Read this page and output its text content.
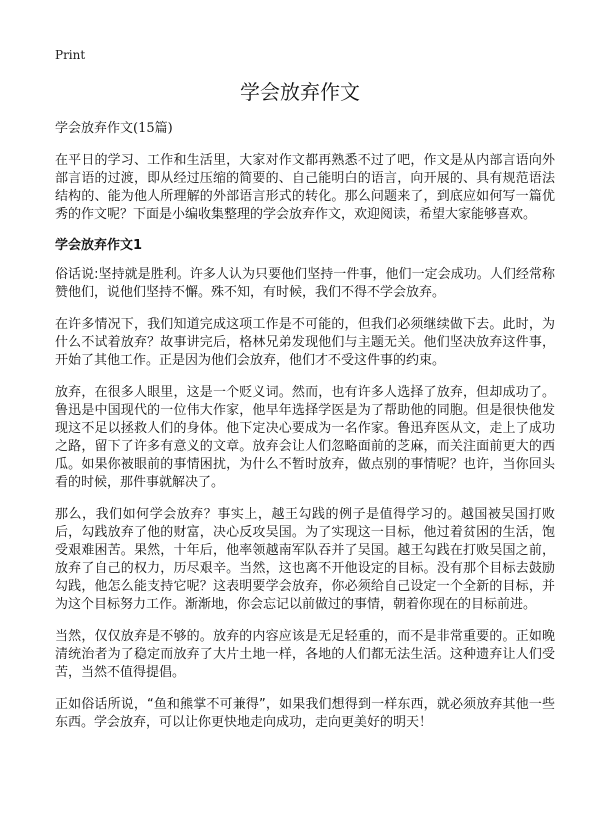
Print
学会放弃作文

学会放弃作文(15篇)

在平日的学习、工作和生活里，大家对作文都再熟悉不过了吧，作文是从内部言语向外部言语的过渡，即从经过压缩的简要的、自己能明白的语言，向开展的、具有规范语法结构的、能为他人所理解的外部语言形式的转化。那么问题来了，到底应如何写一篇优秀的作文呢？下面是小编收集整理的学会放弃作文，欢迎阅读，希望大家能够喜欢。

学会放弃作文1

俗话说:坚持就是胜利。许多人认为只要他们坚持一件事，他们一定会成功。人们经常称赞他们，说他们坚持不懈。殊不知，有时候，我们不得不学会放弃。

在许多情况下，我们知道完成这项工作是不可能的，但我们必须继续做下去。此时，为什么不试着放弃？故事讲完后，格林兄弟发现他们与主题无关。他们坚决放弃这件事，开始了其他工作。正是因为他们会放弃，他们才不受这件事的约束。

放弃，在很多人眼里，这是一个贬义词。然而，也有许多人选择了放弃，但却成功了。鲁迅是中国现代的一位伟大作家，他早年选择学医是为了帮助他的同胞。但是很快他发现这不足以拯救人们的身体。他下定决心要成为一名作家。鲁迅弃医从文，走上了成功之路，留下了许多有意义的文章。放弃会让人们忽略面前的芝麻，而关注面前更大的西瓜。如果你被眼前的事情困扰，为什么不暂时放弃，做点别的事情呢？也许，当你回头看的时候，那件事就解决了。

那么，我们如何学会放弃？事实上，越王勾践的例子是值得学习的。越国被吴国打败后，勾践放弃了他的财富，决心反攻吴国。为了实现这一目标，他过着贫困的生活，饱受艰难困苦。果然，十年后，他率领越南军队吞并了吴国。越王勾践在打败吴国之前，放弃了自己的权力，历尽艰辛。当然，这也离不开他设定的目标。没有那个目标去鼓励勾践，他怎么能支持它呢？这表明要学会放弃，你必须给自己设定一个全新的目标，并为这个目标努力工作。渐渐地，你会忘记以前做过的事情，朝着你现在的目标前进。

当然，仅仅放弃是不够的。放弃的内容应该是无足轻重的，而不是非常重要的。正如晚清统治者为了稳定而放弃了大片土地一样，各地的人们都无法生活。这种遗弃让人们受苦，当然不值得提倡。

正如俗话所说，“鱼和熊掌不可兼得”，如果我们想得到一样东西，就必须放弃其他一些东西。学会放弃，可以让你更快地走向成功，走向更美好的明天！
